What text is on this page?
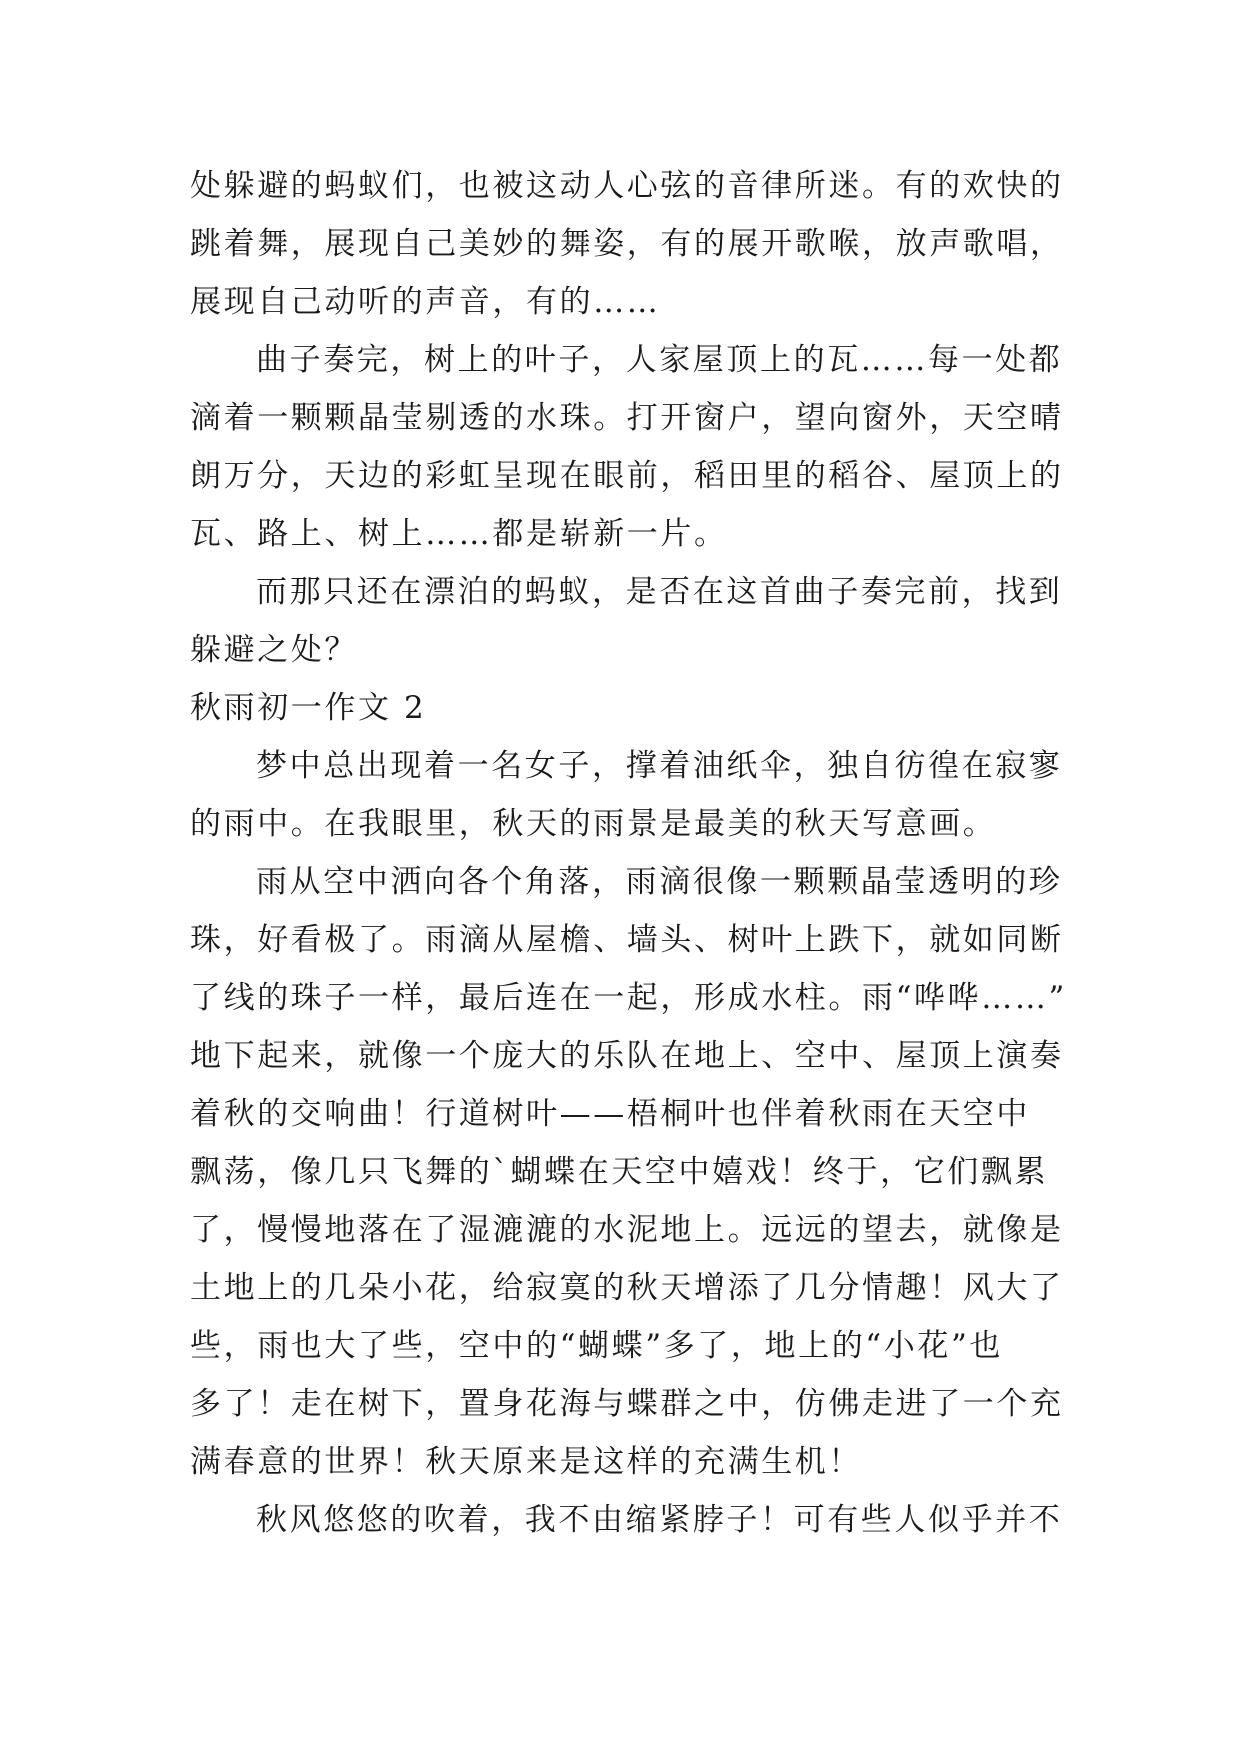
处躲避的蚂蚁们，也被这动人心弦的音律所迷。有的欢快的
跳着舞，展现自己美妙的舞姿，有的展开歌喉，放声歌唱，
展现自己动听的声音，有的……
曲子奏完，树上的叶子，人家屋顶上的瓦……每一处都
滴着一颗颗晶莹剔透的水珠。打开窗户，望向窗外，天空晴
朗万分，天边的彩虹呈现在眼前，稻田里的稻谷、屋顶上的
瓦、路上、树上……都是崭新一片。
而那只还在漂泊的蚂蚁，是否在这首曲子奏完前，找到
躲避之处？
秋雨初一作文 2
梦中总出现着一名女子，撑着油纸伞，独自彷徨在寂寥
的雨中。在我眼里，秋天的雨景是最美的秋天写意画。
雨从空中洒向各个角落，雨滴很像一颗颗晶莹透明的珍
珠，好看极了。雨滴从屋檐、墙头、树叶上跌下，就如同断
了线的珠子一样，最后连在一起，形成水柱。雨“哗哗……”
地下起来，就像一个庞大的乐队在地上、空中、屋顶上演奏
着秋的交响曲！行道树叶——梧桐叶也伴着秋雨在天空中
飘荡，像几只飞舞的`蝴蝶在天空中嬉戏！终于，它们飘累
了，慢慢地落在了湿漉漉的水泥地上。远远的望去，就像是
土地上的几朵小花，给寂寞的秋天增添了几分情趣！风大了
些，雨也大了些，空中的“蝴蝶”多了，地上的“小花”也
多了！走在树下，置身花海与蝶群之中，仿佛走进了一个充
满春意的世界！秋天原来是这样的充满生机！
秋风悠悠的吹着，我不由缩紧脖子！可有些人似乎并不
